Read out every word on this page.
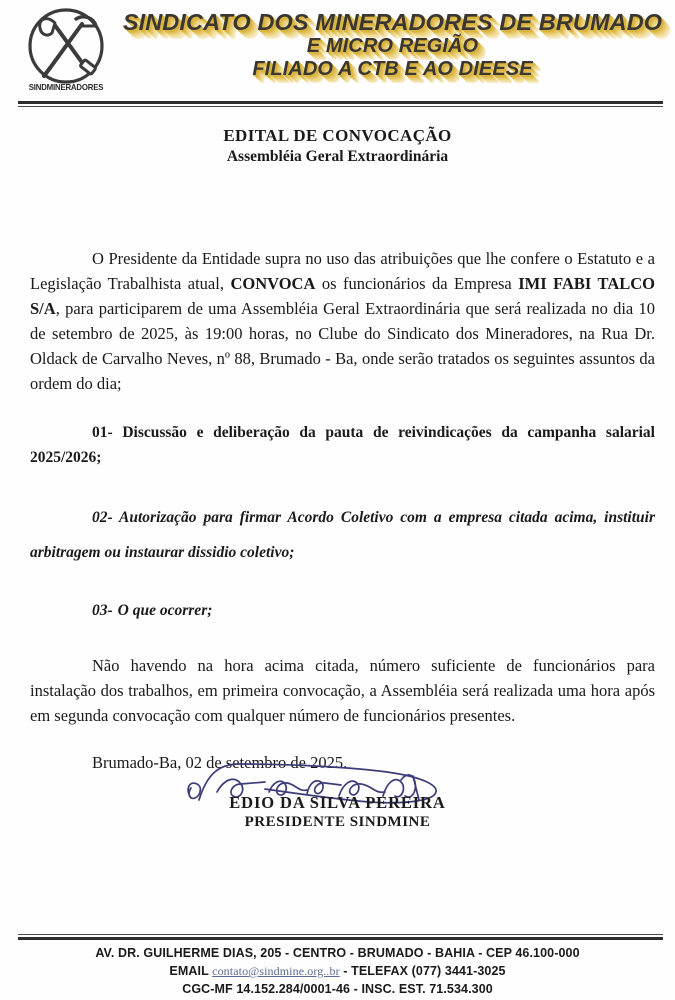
SINDMINERADORES
SINDICATO DOS MINERADORES DE BRUMADO
E MICRO REGIÃO
FILIADO A CTB E AO DIEESE
EDITAL DE CONVOCAÇÃO
Assembléia Geral Extraordinária

O Presidente da Entidade supra no uso das atribuições que lhe confere o Estatuto e a Legislação Trabalhista atual, CONVOCA os funcionários da Empresa IMI FABI TALCO S/A, para participarem de uma Assembléia Geral Extraordinária que será realizada no dia 10 de setembro de 2025, às 19:00 horas, no Clube do Sindicato dos Mineradores, na Rua Dr. Oldack de Carvalho Neves, nº 88, Brumado - Ba, onde serão tratados os seguintes assuntos da ordem do dia;

01- Discussão e deliberação da pauta de reivindicações da campanha salarial 2025/2026;

02- Autorização para firmar Acordo Coletivo com a empresa citada acima, instituir arbitragem ou instaurar dissidio coletivo;

03- O que ocorrer;

Não havendo na hora acima citada, número suficiente de funcionários para instalação dos trabalhos, em primeira convocação, a Assembléia será realizada uma hora após em segunda convocação com qualquer número de funcionários presentes.

Brumado-Ba, 02 de setembro de 2025.

EDIO DA SILVA PEREIRA
PRESIDENTE SINDMINE
AV. DR. GUILHERME DIAS, 205 - CENTRO - BRUMADO - BAHIA - CEP 46.100-000
EMAIL contato@sindmine.org..br - TELEFAX (077) 3441-3025
CGC-MF 14.152.284/0001-46 - INSC. EST. 71.534.300
